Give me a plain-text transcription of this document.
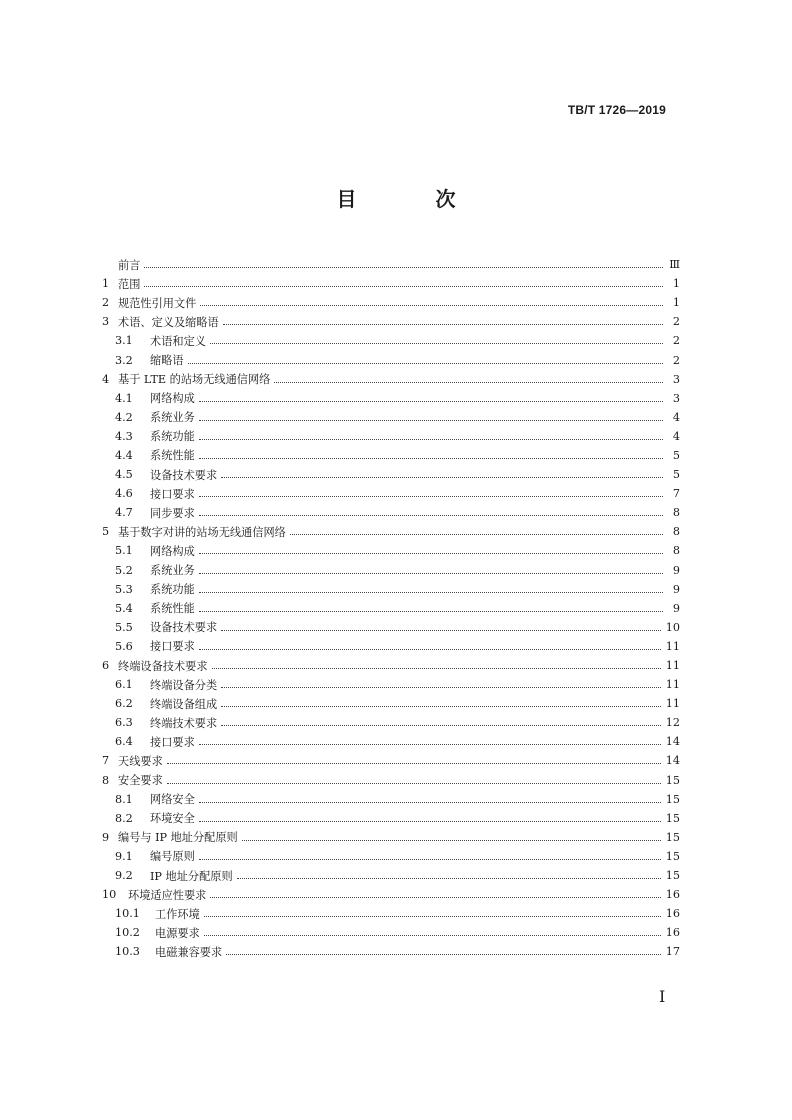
TB/T 1726—2019
目 次
前言	Ⅲ
1 范围	1
2 规范性引用文件	1
3 术语、定义及缩略语	2
3.1	术语和定义	2
3.2	缩略语	2
4 基于 LTE 的站场无线通信网络	3
4.1	网络构成	3
4.2	系统业务	4
4.3	系统功能	4
4.4	系统性能	5
4.5	设备技术要求	5
4.6	接口要求	7
4.7	同步要求	8
5 基于数字对讲的站场无线通信网络	8
5.1	网络构成	8
5.2	系统业务	9
5.3	系统功能	9
5.4	系统性能	9
5.5	设备技术要求	10
5.6	接口要求	11
6 终端设备技术要求	11
6.1	终端设备分类	11
6.2	终端设备组成	11
6.3	终端技术要求	12
6.4	接口要求	14
7 天线要求	14
8 安全要求	15
8.1	网络安全	15
8.2	环境安全	15
9 编号与 IP 地址分配原则	15
9.1	编号原则	15
9.2	IP 地址分配原则	15
10	环境适应性要求	16
10.1	工作环境	16
10.2	电源要求	16
10.3	电磁兼容要求	17
I
